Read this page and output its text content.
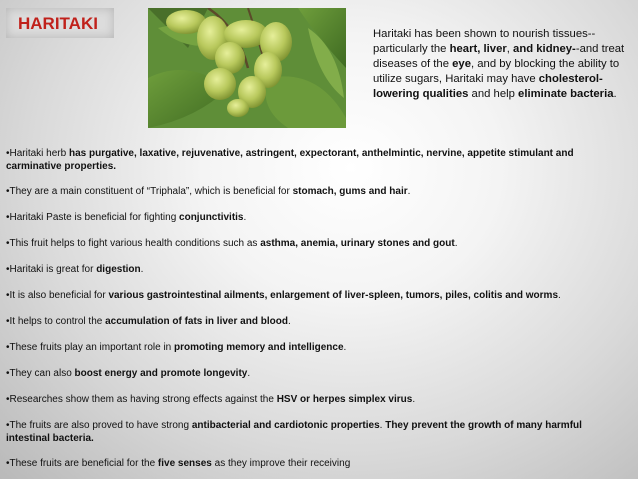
HARITAKI
Haritaki has been shown to nourish tissues--particularly the heart, liver, and kidney--and treat diseases of the eye, and by blocking the ability to utilize sugars, Haritaki may have cholesterol-lowering qualities and help eliminate bacteria.
•Haritaki herb has purgative, laxative, rejuvenative, astringent, expectorant, anthelmintic, nervine, appetite stimulant and carminative properties.
•They are a main constituent of “Triphala”, which is beneficial for stomach, gums and hair.
•Haritaki Paste is beneficial for fighting conjunctivitis.
•This fruit helps to fight various health conditions such as asthma, anemia, urinary stones and gout.
•Haritaki is great for digestion.
•It is also beneficial for various gastrointestinal ailments, enlargement of liver-spleen, tumors, piles, colitis and worms.
•It helps to control the accumulation of fats in liver and blood.
•These fruits play an important role in promoting memory and intelligence.
•They can also boost energy and promote longevity.
•Researches show them as having strong effects against the HSV or herpes simplex virus.
•The fruits are also proved to have strong antibacterial and cardiotonic properties. They prevent the growth of many harmful intestinal bacteria.
•These fruits are beneficial for the five senses as they improve their receiving
